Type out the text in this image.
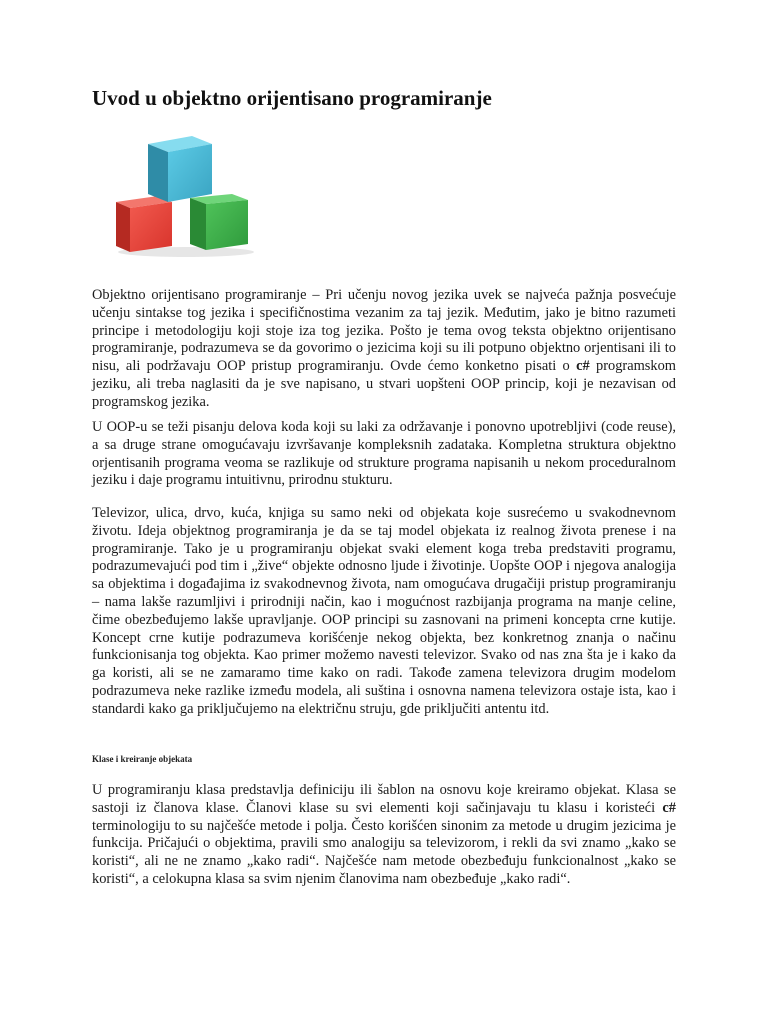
Uvod u objektno orijentisano programiranje

Objektno orijentisano programiranje – Pri učenju novog jezika uvek se najveća pažnja posvećuje učenju sintakse tog jezika i specifičnostima vezanim za taj jezik. Međutim, jako je bitno razumeti principe i metodologiju koji stoje iza tog jezika. Pošto je tema ovog teksta objektno orijentisano programiranje, podrazumeva se da govorimo o jezicima koji su ili potpuno objektno orjentisani ili to nisu, ali podržavaju OOP pristup programiranju. Ovde ćemo konketno pisati o c# programskom jeziku, ali treba naglasiti da je sve napisano, u stvari uopšteni OOP princip, koji je nezavisan od programskog jezika.

U OOP-u se teži pisanju delova koda koji su laki za održavanje i ponovno upotrebljivi (code reuse), a sa druge strane omogućavaju izvršavanje kompleksnih zadataka. Kompletna struktura objektno orjentisanih programa veoma se razlikuje od strukture programa napisanih u nekom proceduralnom jeziku i daje programu intuitivnu, prirodnu stukturu.

Televizor, ulica, drvo, kuća, knjiga su samo neki od objekata koje susrećemo u svakodnevnom životu. Ideja objektnog programiranja je da se taj model objekata iz realnog života prenese i na programiranje. Tako je u programiranju objekat svaki element koga treba predstaviti programu, podrazumevajući pod tim i „žive“ objekte odnosno ljude i životinje. Uopšte OOP i njegova analogija sa objektima i događajima iz svakodnevnog života, nam omogućava drugačiji pristup programiranju – nama lakše razumljivi i prirodniji način, kao i mogućnost razbijanja programa na manje celine, čime obezbeđujemo lakše upravljanje. OOP principi su zasnovani na primeni koncepta crne kutije. Koncept crne kutije podrazumeva korišćenje nekog objekta, bez konkretnog znanja o načinu funkcionisanja tog objekta. Kao primer možemo navesti televizor. Svako od nas zna šta je i kako da ga koristi, ali se ne zamaramo time kako on radi. Takođe zamena televizora drugim modelom podrazumeva neke razlike između modela, ali suština i osnovna namena televizora ostaje ista, kao i standardi kako ga priključujemo na električnu struju, gde priključiti antentu itd.

Klase i kreiranje objekata

U programiranju klasa predstavlja definiciju ili šablon na osnovu koje kreiramo objekat. Klasa se sastoji iz članova klase. Članovi klase su svi elementi koji sačinjavaju tu klasu i koristeći c# terminologiju to su najčešće metode i polja. Često korišćen sinonim za metode u drugim jezicima je funkcija. Pričajući o objektima, pravili smo analogiju sa televizorom, i rekli da svi znamo „kako se koristi“, ali ne ne znamo „kako radi“. Najčešće nam metode obezbeđuju funkcionalnost „kako se koristi“, a celokupna klasa sa svim njenim članovima nam obezbeđuje „kako radi“.
